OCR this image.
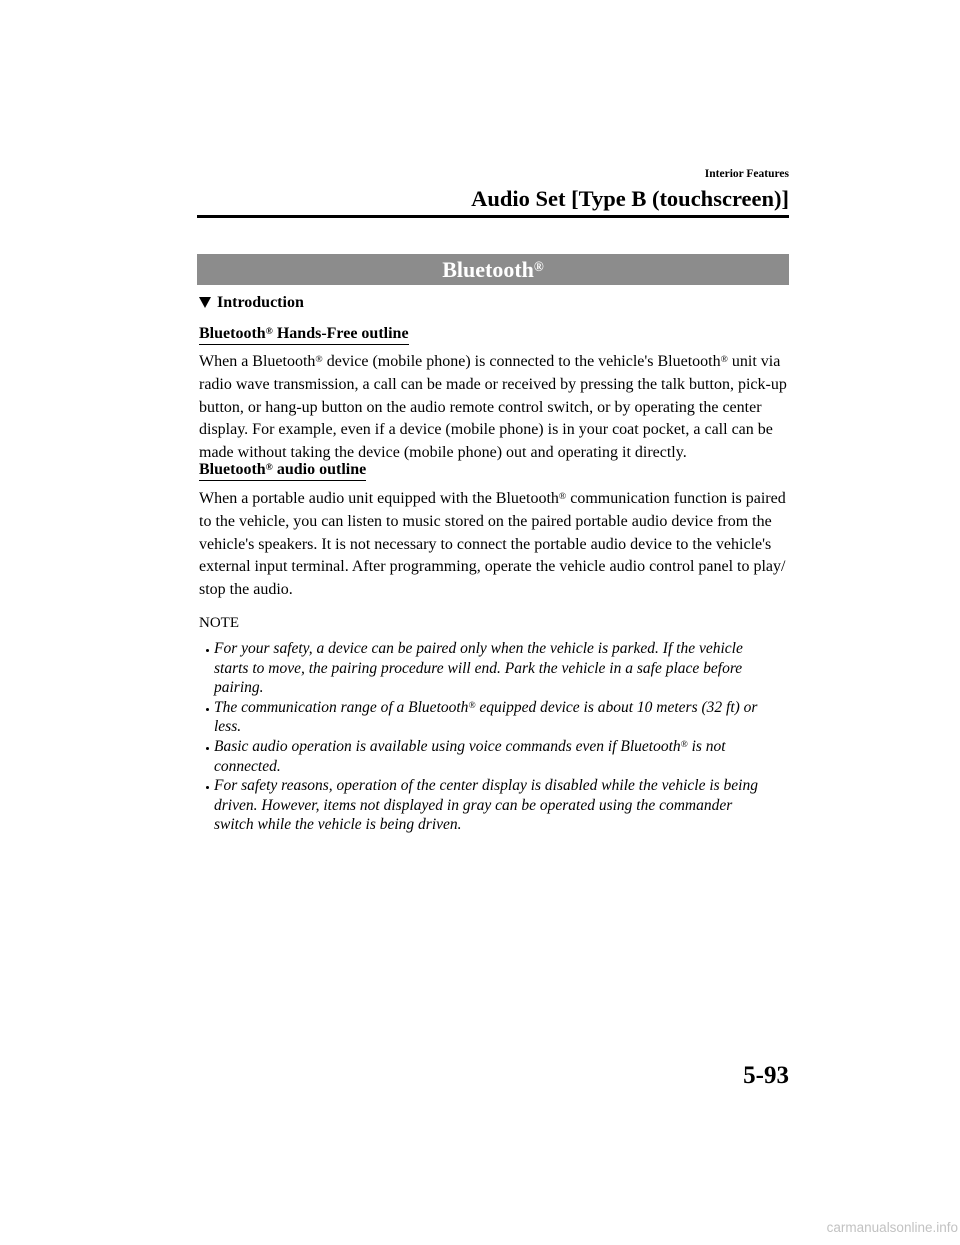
Interior Features
Audio Set [Type B (touchscreen)]
Bluetooth®
Introduction
Bluetooth® Hands-Free outline
When a Bluetooth® device (mobile phone) is connected to the vehicle's Bluetooth® unit via
radio wave transmission, a call can be made or received by pressing the talk button, pick-up
button, or hang-up button on the audio remote control switch, or by operating the center
display. For example, even if a device (mobile phone) is in your coat pocket, a call can be
made without taking the device (mobile phone) out and operating it directly.
Bluetooth® audio outline
When a portable audio unit equipped with the Bluetooth® communication function is paired
to the vehicle, you can listen to music stored on the paired portable audio device from the
vehicle's speakers. It is not necessary to connect the portable audio device to the vehicle's
external input terminal. After programming, operate the vehicle audio control panel to play/
stop the audio.
NOTE
For your safety, a device can be paired only when the vehicle is parked. If the vehicle
starts to move, the pairing procedure will end. Park the vehicle in a safe place before
pairing.
The communication range of a Bluetooth® equipped device is about 10 meters (32 ft) or
less.
Basic audio operation is available using voice commands even if Bluetooth® is not
connected.
For safety reasons, operation of the center display is disabled while the vehicle is being
driven. However, items not displayed in gray can be operated using the commander
switch while the vehicle is being driven.
5-93
carmanualsonline.info
